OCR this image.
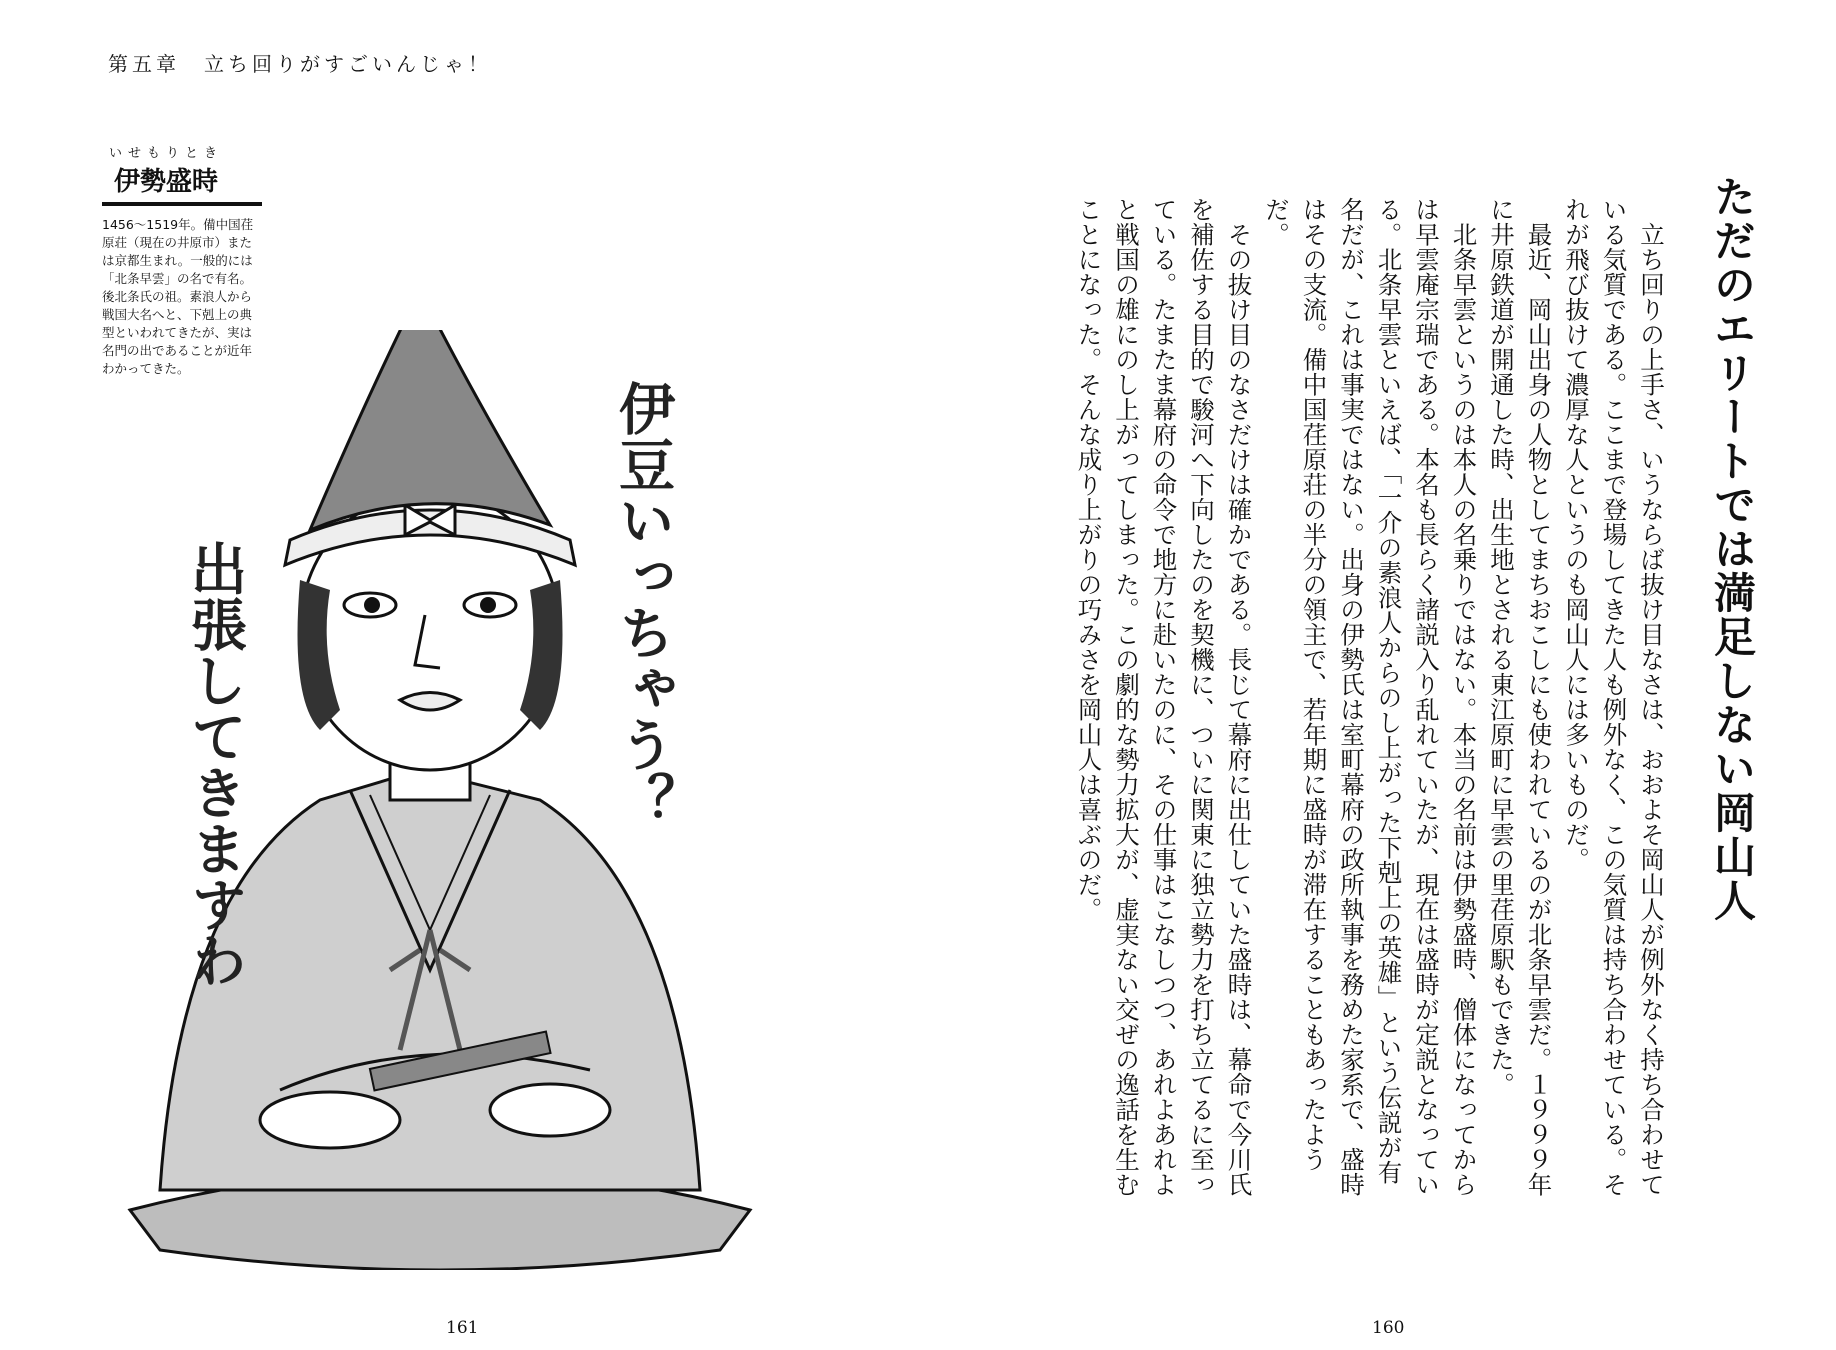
第五章　立ち回りがすごいんじゃ！
いせもりとき
伊勢盛時
1456〜1519年。備中国荏原荘（現在の井原市）または京都生まれ。一般的には「北条早雲」の名で有名。後北条氏の祖。素浪人から戦国大名へと、下剋上の典型といわれてきたが、実は名門の出であることが近年わかってきた。
伊豆いっちゃう？
出張してきますわ
161	160
ただのエリートでは満足しない岡山人

立ち回りの上手さ、いうならば抜け目なさは、おおよそ岡山人が例外なく持ち合わせている気質である。ここまで登場してきた人も例外なく、この気質は持ち合わせている。それが飛び抜けて濃厚な人というのも岡山人には多いものだ。

最近、岡山出身の人物としてまちおこしにも使われているのが北条早雲だ。１９９９年に井原鉄道が開通した時、出生地とされる東江原町に早雲の里荏原駅もできた。

北条早雲というのは本人の名乗りではない。本当の名前は伊勢盛時、僧体になってからは早雲庵宗瑞である。本名も長らく諸説入り乱れていたが、現在は盛時が定説となっている。北条早雲といえば、「一介の素浪人からのし上がった下剋上の英雄」という伝説が有名だが、これは事実ではない。出身の伊勢氏は室町幕府の政所執事を務めた家系で、盛時はその支流。備中国荏原荘の半分の領主で、若年期に盛時が滞在することもあったようだ。

その抜け目のなさだけは確かである。長じて幕府に出仕していた盛時は、幕命で今川氏を補佐する目的で駿河へ下向したのを契機に、ついに関東に独立勢力を打ち立てるに至っている。たまたま幕府の命令で地方に赴いたのに、その仕事はこなしつつ、あれよあれよと戦国の雄にのし上がってしまった。この劇的な勢力拡大が、虚実ない交ぜの逸話を生むことになった。そんな成り上がりの巧みさを岡山人は喜ぶのだ。
